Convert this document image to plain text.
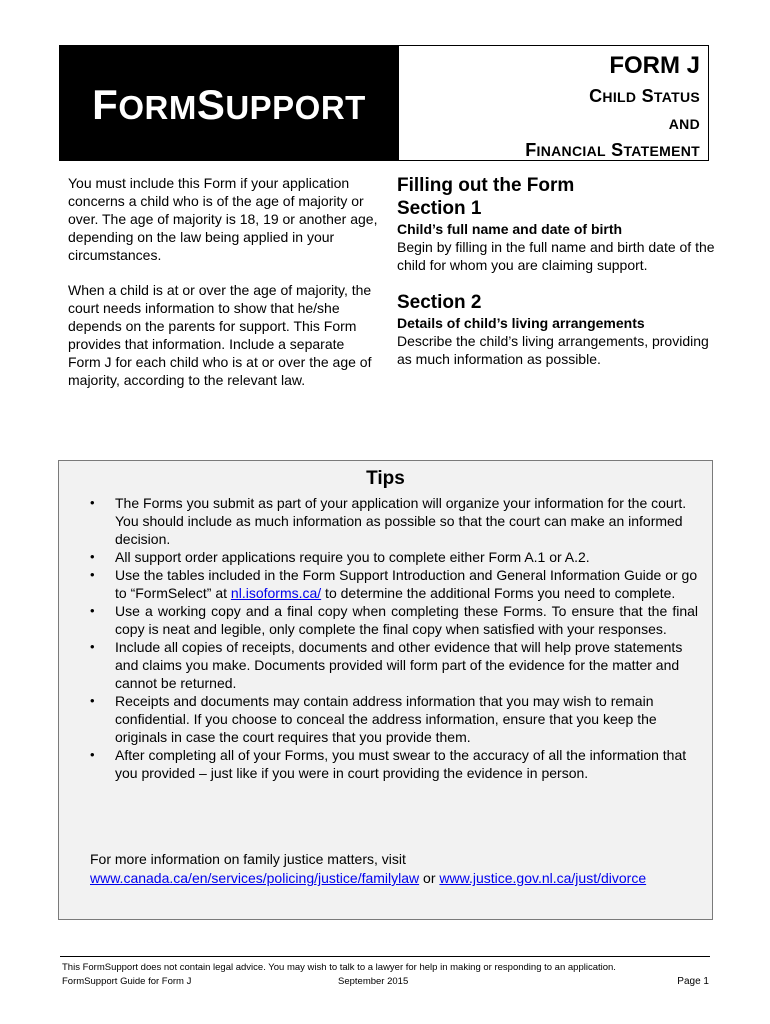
FORMSUPPORT
FORM J
CHILD STATUS
AND
FINANCIAL STATEMENT

You must include this Form if your application concerns a child who is of the age of majority or over. The age of majority is 18, 19 or another age, depending on the law being applied in your circumstances.

When a child is at or over the age of majority, the court needs information to show that he/she depends on the parents for support. This Form provides that information. Include a separate Form J for each child who is at or over the age of majority, according to the relevant law.

Filling out the Form

Section 1

Child’s full name and date of birth

Begin by filling in the full name and birth date of the child for whom you are claiming support.

Section 2

Details of child’s living arrangements

Describe the child’s living arrangements, providing as much information as possible.

Tips
• The Forms you submit as part of your application will organize your information for the court. You should include as much information as possible so that the court can make an informed decision.
• All support order applications require you to complete either Form A.1 or A.2.
• Use the tables included in the Form Support Introduction and General Information Guide or go to “FormSelect” at nl.isoforms.ca/ to determine the additional Forms you need to complete.
• Use a working copy and a final copy when completing these Forms. To ensure that the final copy is neat and legible, only complete the final copy when satisfied with your responses.
• Include all copies of receipts, documents and other evidence that will help prove statements and claims you make. Documents provided will form part of the evidence for the matter and cannot be returned.
• Receipts and documents may contain address information that you may wish to remain confidential. If you choose to conceal the address information, ensure that you keep the originals in case the court requires that you provide them.
• After completing all of your Forms, you must swear to the accuracy of all the information that you provided – just like if you were in court providing the evidence in person.
For more information on family justice matters, visit
www.canada.ca/en/services/policing/justice/familylaw or www.justice.gov.nl.ca/just/divorce
This FormSupport does not contain legal advice. You may wish to talk to a lawyer for help in making or responding to an application.
FormSupport Guide for Form J	September 2015	Page 1
